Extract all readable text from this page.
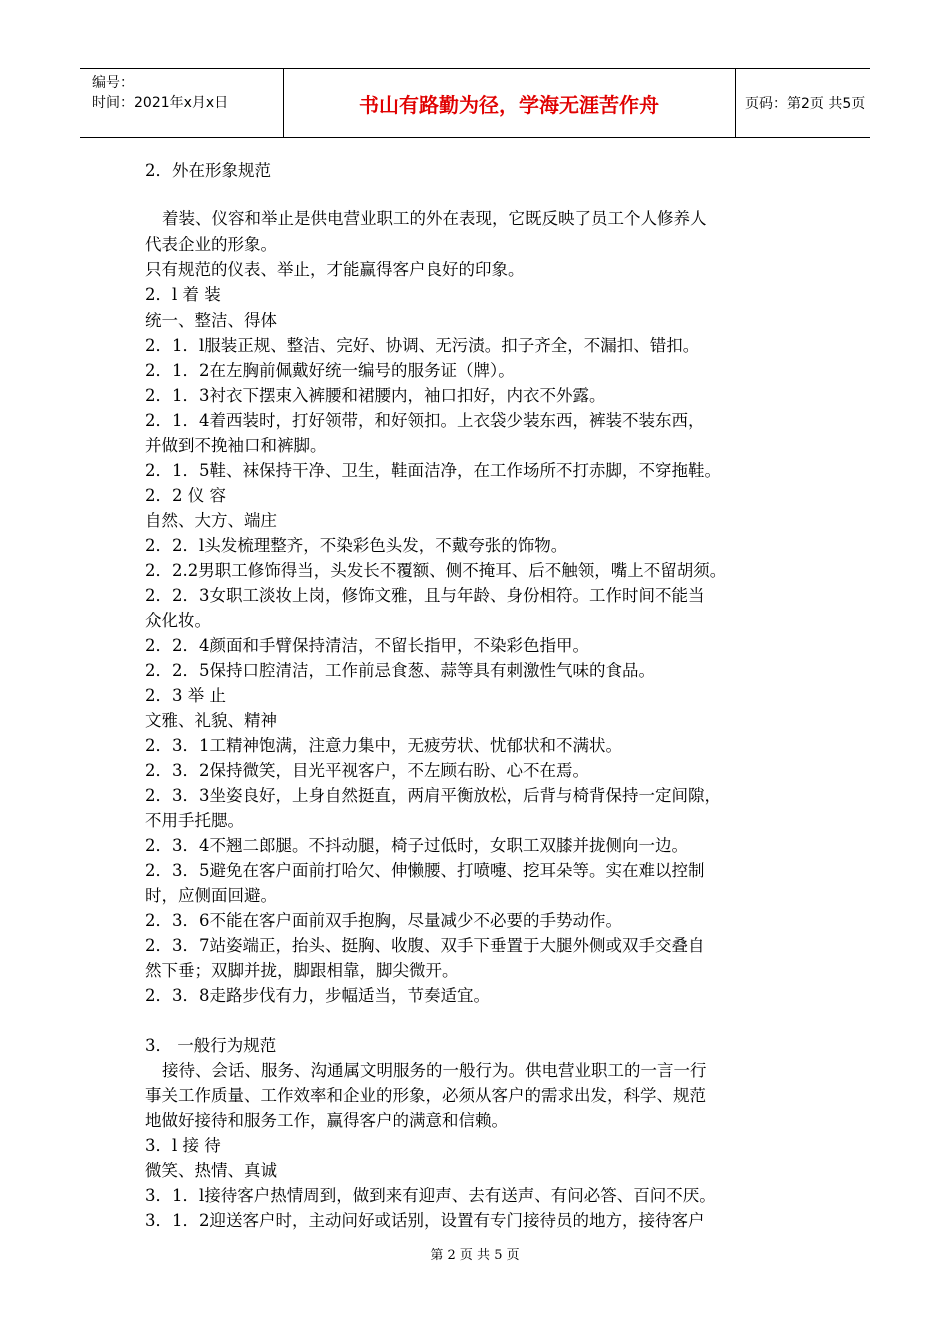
编号：
时间：2021年x月x日	书山有路勤为径，学海无涯苦作舟	页码：第2页 共5页
2．外在形象规范
着装、仪容和举止是供电营业职工的外在表现，它既反映了员工个人修养人
代表企业的形象。
只有规范的仪表、举止，才能赢得客户良好的印象。
2．l 着 装
统一、整洁、得体
2．1．l服装正规、整洁、完好、协调、无污渍。扣子齐全，不漏扣、错扣。
2．1．2在左胸前佩戴好统一编号的服务证（牌）。
2．1．3衬衣下摆束入裤腰和裙腰内，袖口扣好，内衣不外露。
2．1．4着西装时，打好领带，和好领扣。上衣袋少装东西，裤装不装东西，
并做到不挽袖口和裤脚。
2．1．5鞋、袜保持干净、卫生，鞋面洁净，在工作场所不打赤脚，不穿拖鞋。
2．2 仪 容
自然、大方、端庄
2．2．l头发梳理整齐，不染彩色头发，不戴夸张的饰物。
2．2.2男职工修饰得当，头发长不覆额、侧不掩耳、后不触领，嘴上不留胡须。
2．2．3女职工淡妆上岗，修饰文雅，且与年龄、身份相符。工作时间不能当
众化妆。
2．2．4颜面和手臂保持清洁，不留长指甲，不染彩色指甲。
2．2．5保持口腔清洁，工作前忌食葱、蒜等具有刺激性气味的食品。
2．3 举 止
文雅、礼貌、精神
2．3．1工精神饱满，注意力集中，无疲劳状、忧郁状和不满状。
2．3．2保持微笑，目光平视客户，不左顾右盼、心不在焉。
2．3．3坐姿良好，上身自然挺直，两肩平衡放松，后背与椅背保持一定间隙，
不用手托腮。
2．3．4不翘二郎腿。不抖动腿，椅子过低时，女职工双膝并拢侧向一边。
2．3．5避免在客户面前打哈欠、伸懒腰、打喷嚏、挖耳朵等。实在难以控制
时，应侧面回避。
2．3．6不能在客户面前双手抱胸，尽量减少不必要的手势动作。
2．3．7站姿端正，抬头、挺胸、收腹、双手下垂置于大腿外侧或双手交叠自
然下垂；双脚并拢，脚跟相靠，脚尖微开。
2．3．8走路步伐有力，步幅适当，节奏适宜。
3． 一般行为规范
接待、会话、服务、沟通属文明服务的一般行为。供电营业职工的一言一行
事关工作质量、工作效率和企业的形象，必须从客户的需求出发，科学、规范
地做好接待和服务工作，赢得客户的满意和信赖。
3．l 接 待
微笑、热情、真诚
3．1．l接待客户热情周到，做到来有迎声、去有送声、有问必答、百问不厌。
3．1．2迎送客户时，主动问好或话别，设置有专门接待员的地方，接待客户
第 2 页 共 5 页
